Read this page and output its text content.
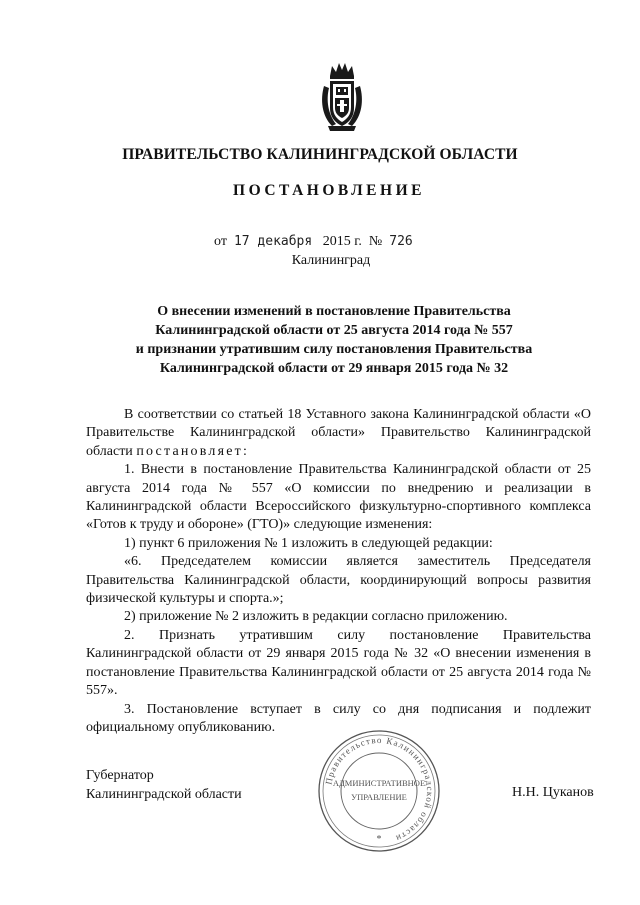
ПРАВИТЕЛЬСТВО КАЛИНИНГРАДСКОЙ ОБЛАСТИ
ПОСТАНОВЛЕНИЕ
от 17 декабря 2015 г. № 726
Калининград
О внесении изменений в постановление Правительства
Калининградской области от 25 августа 2014 года № 557
и признании утратившим силу постановления Правительства
Калининградской области от 29 января 2015 года № 32

В соответствии со статьей 18 Уставного закона Калининградской области «О Правительстве Калининградской области» Правительство Калининградской области постановляет:

1. Внести в постановление Правительства Калининградской области от 25 августа 2014 года № 557 «О комиссии по внедрению и реализации в Калининградской области Всероссийского физкультурно-спортивного комплекса «Готов к труду и обороне» (ГТО)» следующие изменения:

1) пункт 6 приложения № 1 изложить в следующей редакции:

«6. Председателем комиссии является заместитель Председателя Правительства Калининградской области, координирующий вопросы развития физической культуры и спорта.»;

2) приложение № 2 изложить в редакции согласно приложению.

2. Признать утратившим силу постановление Правительства Калининградской области от 29 января 2015 года № 32 «О внесении изменения в постановление Правительства Калининградской области от 25 августа 2014 года № 557».

3. Постановление вступает в силу со дня подписания и подлежит официальному опубликованию.

Губернатор
Калининградской области	Н.Н. Цуканов
Правительство Калининградской области
АДМИНИСТРАТИВНОЕ
УПРАВЛЕНИЕ
*
